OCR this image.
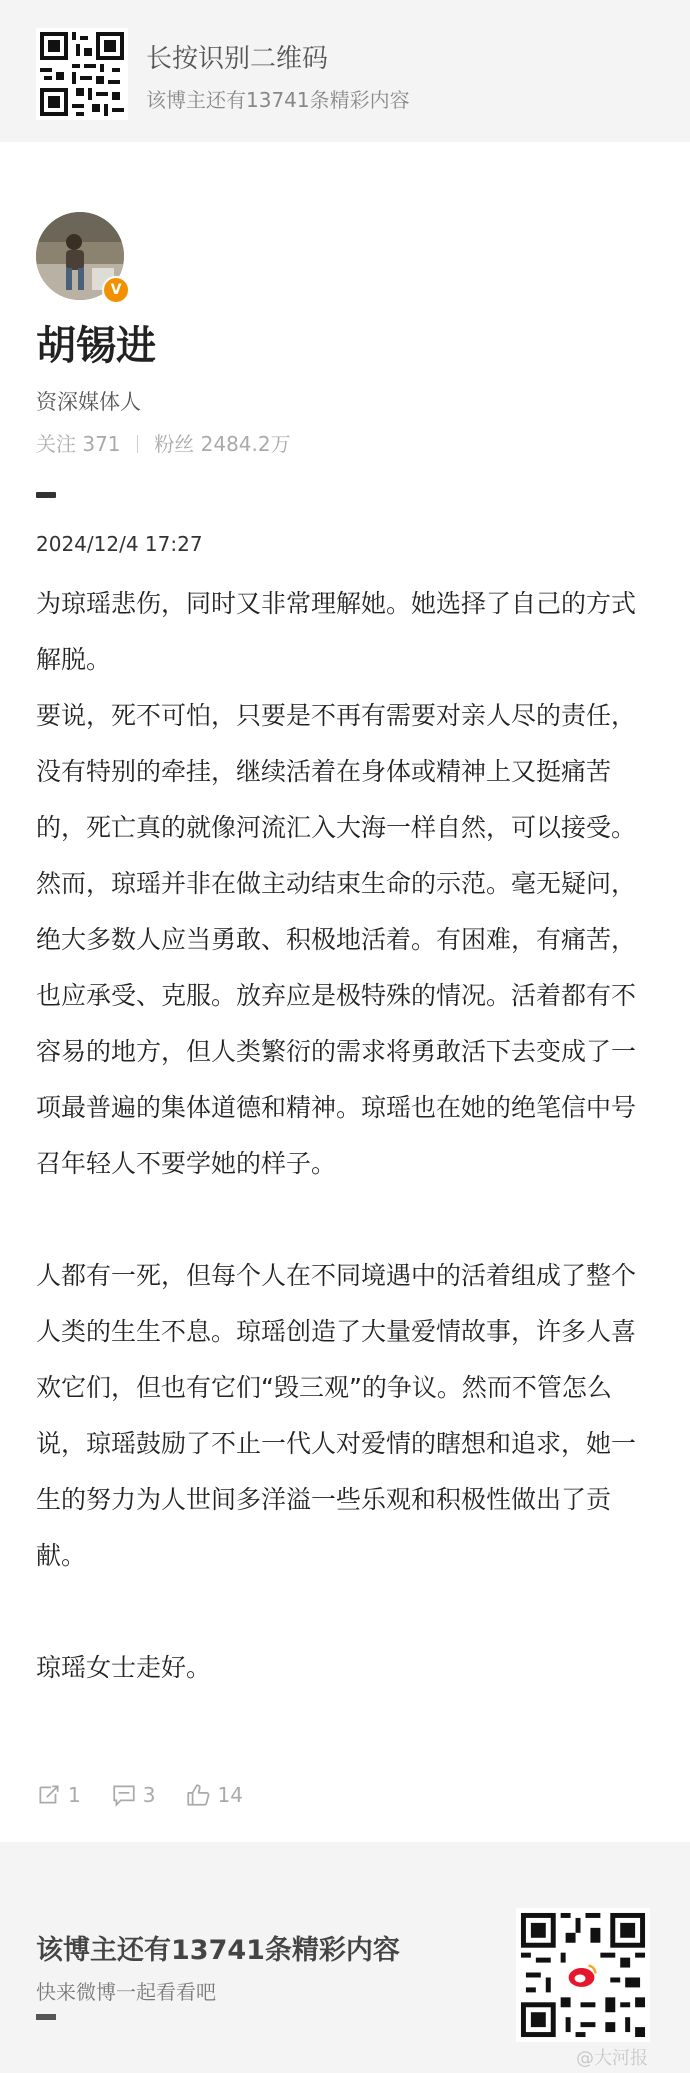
长按识别二维码
该博主还有13741条精彩内容
V
胡锡进
资深媒体人
关注 371 粉丝 2484.2万
2024/12/4 17:27

为琼瑶悲伤，同时又非常理解她。她选择了自己的方式解脱。

要说，死不可怕，只要是不再有需要对亲人尽的责任，没有特别的牵挂，继续活着在身体或精神上又挺痛苦的，死亡真的就像河流汇入大海一样自然，可以接受。

然而，琼瑶并非在做主动结束生命的示范。毫无疑问，绝大多数人应当勇敢、积极地活着。有困难，有痛苦，也应承受、克服。放弃应是极特殊的情况。活着都有不容易的地方，但人类繁衍的需求将勇敢活下去变成了一项最普遍的集体道德和精神。琼瑶也在她的绝笔信中号召年轻人不要学她的样子。

人都有一死，但每个人在不同境遇中的活着组成了整个人类的生生不息。琼瑶创造了大量爱情故事，许多人喜欢它们，但也有它们“毁三观”的争议。然而不管怎么说，琼瑶鼓励了不止一代人对爱情的瞎想和追求，她一生的努力为人世间多洋溢一些乐观和积极性做出了贡献。

琼瑶女士走好。

1	3	14
该博主还有13741条精彩内容
快来微博一起看看吧
@大河报
